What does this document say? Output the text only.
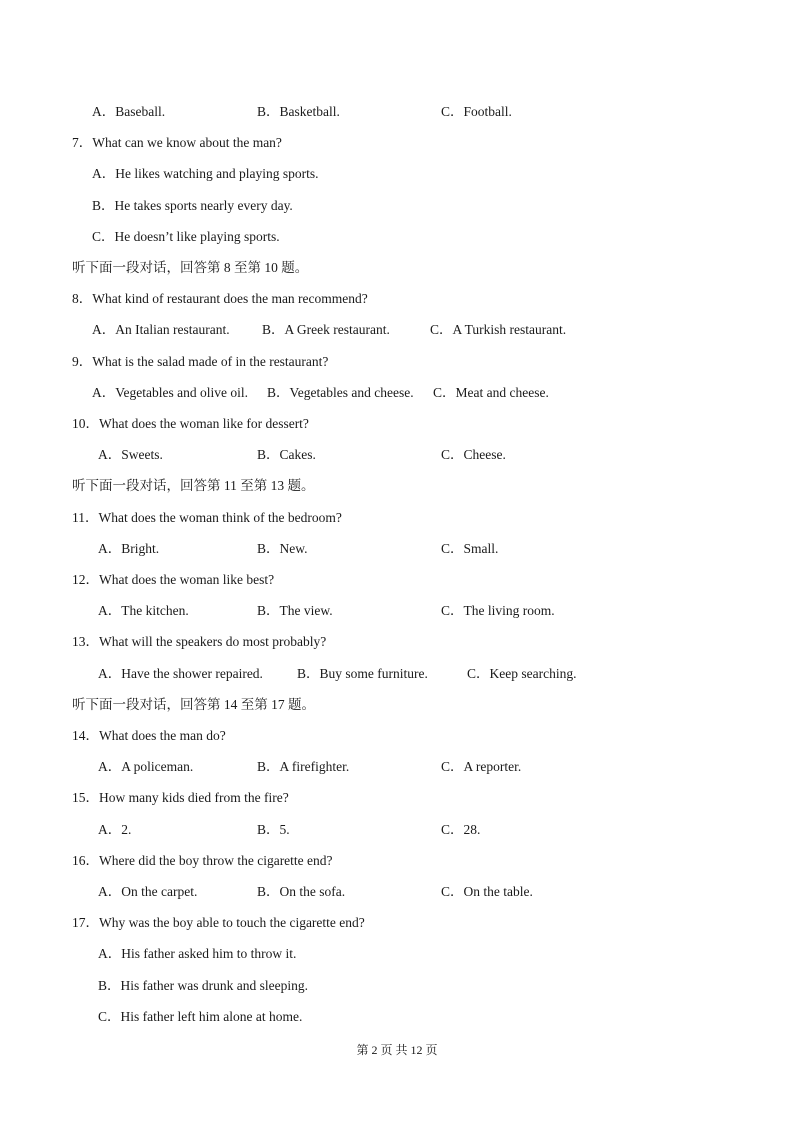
A．Baseball.	B．Basketball.	C．Football.
7．What can we know about the man?
A．He likes watching and playing sports.
B．He takes sports nearly every day.
C．He doesn’t like playing sports.
听下面一段对话，回答第 8 至第 10 题。
8．What kind of restaurant does the man recommend?
A．An Italian restaurant. B．A Greek restaurant.	C．A Turkish restaurant.
9．What is the salad made of in the restaurant?
A．Vegetables and olive oil. B．Vegetables and cheese. C．Meat and cheese.
10．What does the woman like for dessert?
A．Sweets.	B．Cakes.	C．Cheese.
听下面一段对话，回答第 11 至第 13 题。
11．What does the woman think of the bedroom?
A．Bright.	B．New.	C．Small.
12．What does the woman like best?
A．The kitchen.	B．The view.	C．The living room.
13．What will the speakers do most probably?
A．Have the shower repaired.	B．Buy some furniture.	C．Keep searching.
听下面一段对话，回答第 14 至第 17 题。
14．What does the man do?
A．A policeman.	B．A firefighter.	C．A reporter.
15．How many kids died from the fire?
A．2.	B．5.	C．28.
16．Where did the boy throw the cigarette end?
A．On the carpet.	B．On the sofa.	C．On the table.
17．Why was the boy able to touch the cigarette end?
A．His father asked him to throw it.
B．His father was drunk and sleeping.
C．His father left him alone at home.
第 2 页 共 12 页
